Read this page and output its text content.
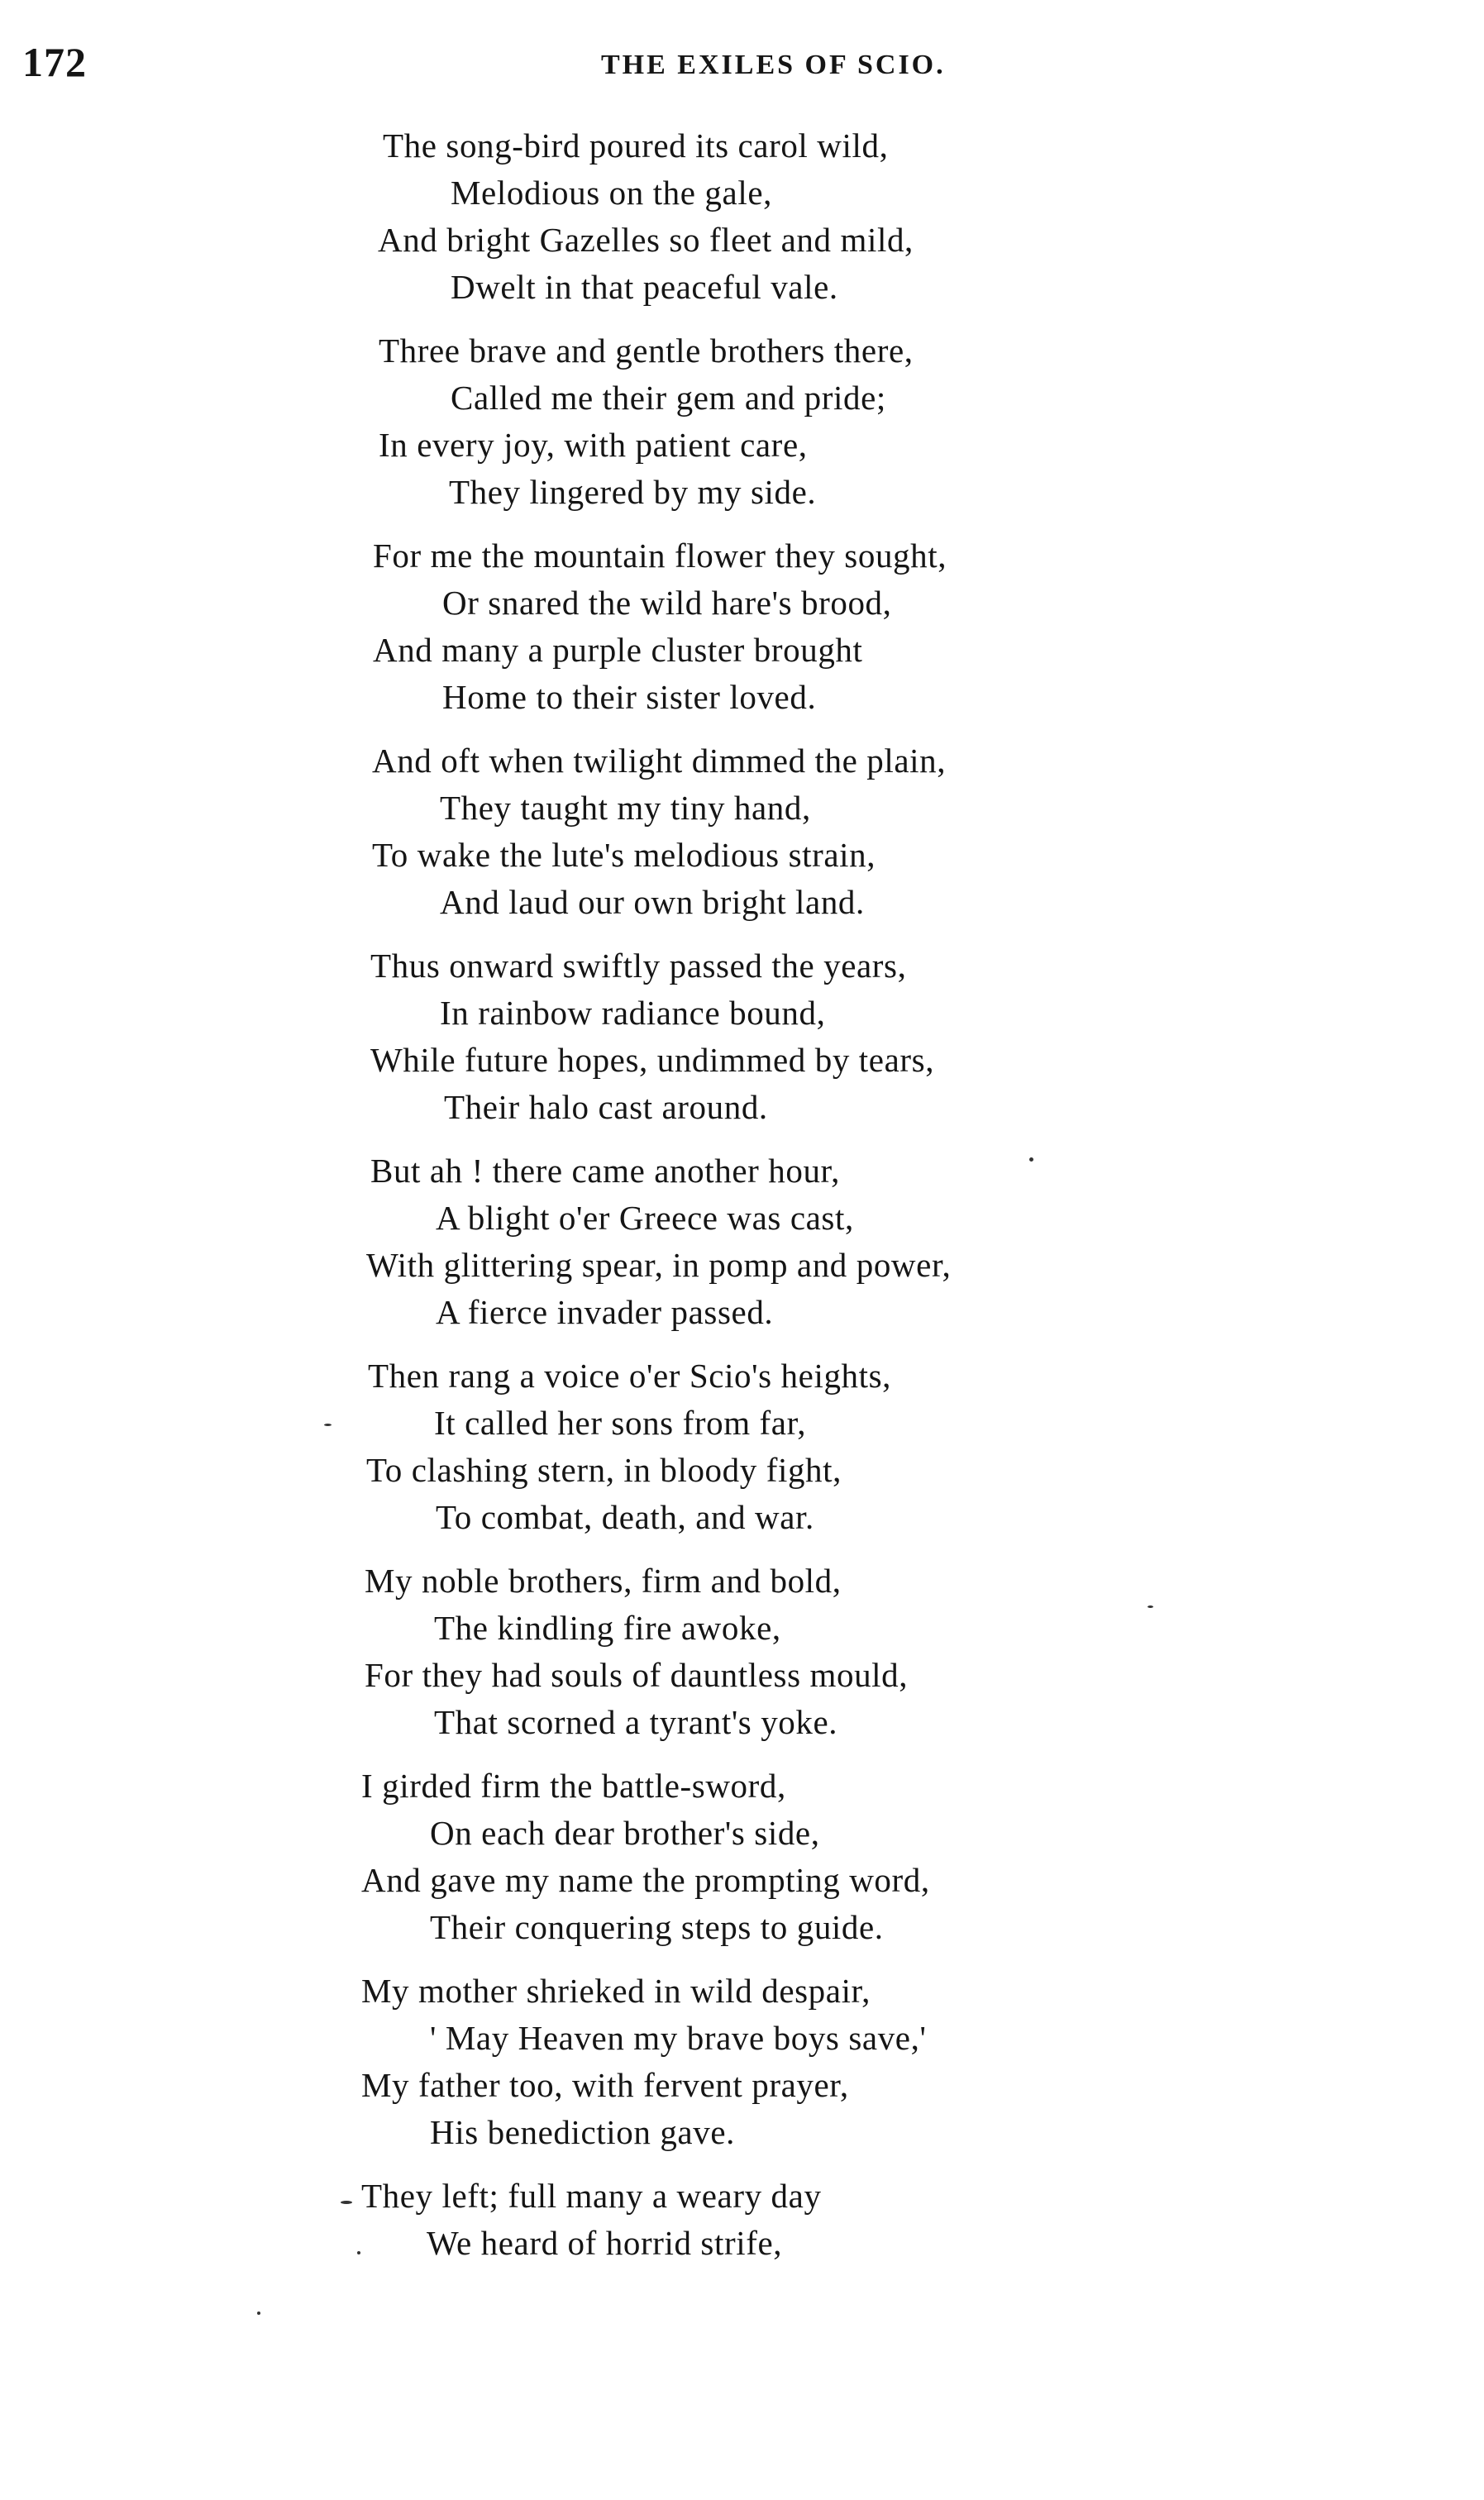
172	THE EXILES OF SCIO.
The song-bird poured its carol wild,
Melodious on the gale,
And bright Gazelles so fleet and mild,
Dwelt in that peaceful vale.
Three brave and gentle brothers there,
Called me their gem and pride;
In every joy, with patient care,
They lingered by my side.
For me the mountain flower they sought,
Or snared the wild hare's brood,
And many a purple cluster brought
Home to their sister loved.
And oft when twilight dimmed the plain,
They taught my tiny hand,
To wake the lute's melodious strain,
And laud our own bright land.
Thus onward swiftly passed the years,
In rainbow radiance bound,
While future hopes, undimmed by tears,
Their halo cast around.
But ah ! there came another hour,
A blight o'er Greece was cast,
With glittering spear, in pomp and power,
A fierce invader passed.
Then rang a voice o'er Scio's heights,
It called her sons from far,
To clashing stern, in bloody fight,
To combat, death, and war.
My noble brothers, firm and bold,
The kindling fire awoke,
For they had souls of dauntless mould,
That scorned a tyrant's yoke.
I girded firm the battle-sword,
On each dear brother's side,
And gave my name the prompting word,
Their conquering steps to guide.
My mother shrieked in wild despair,
' May Heaven my brave boys save,'
My father too, with fervent prayer,
His benediction gave.
They left; full many a weary day
We heard of horrid strife,
